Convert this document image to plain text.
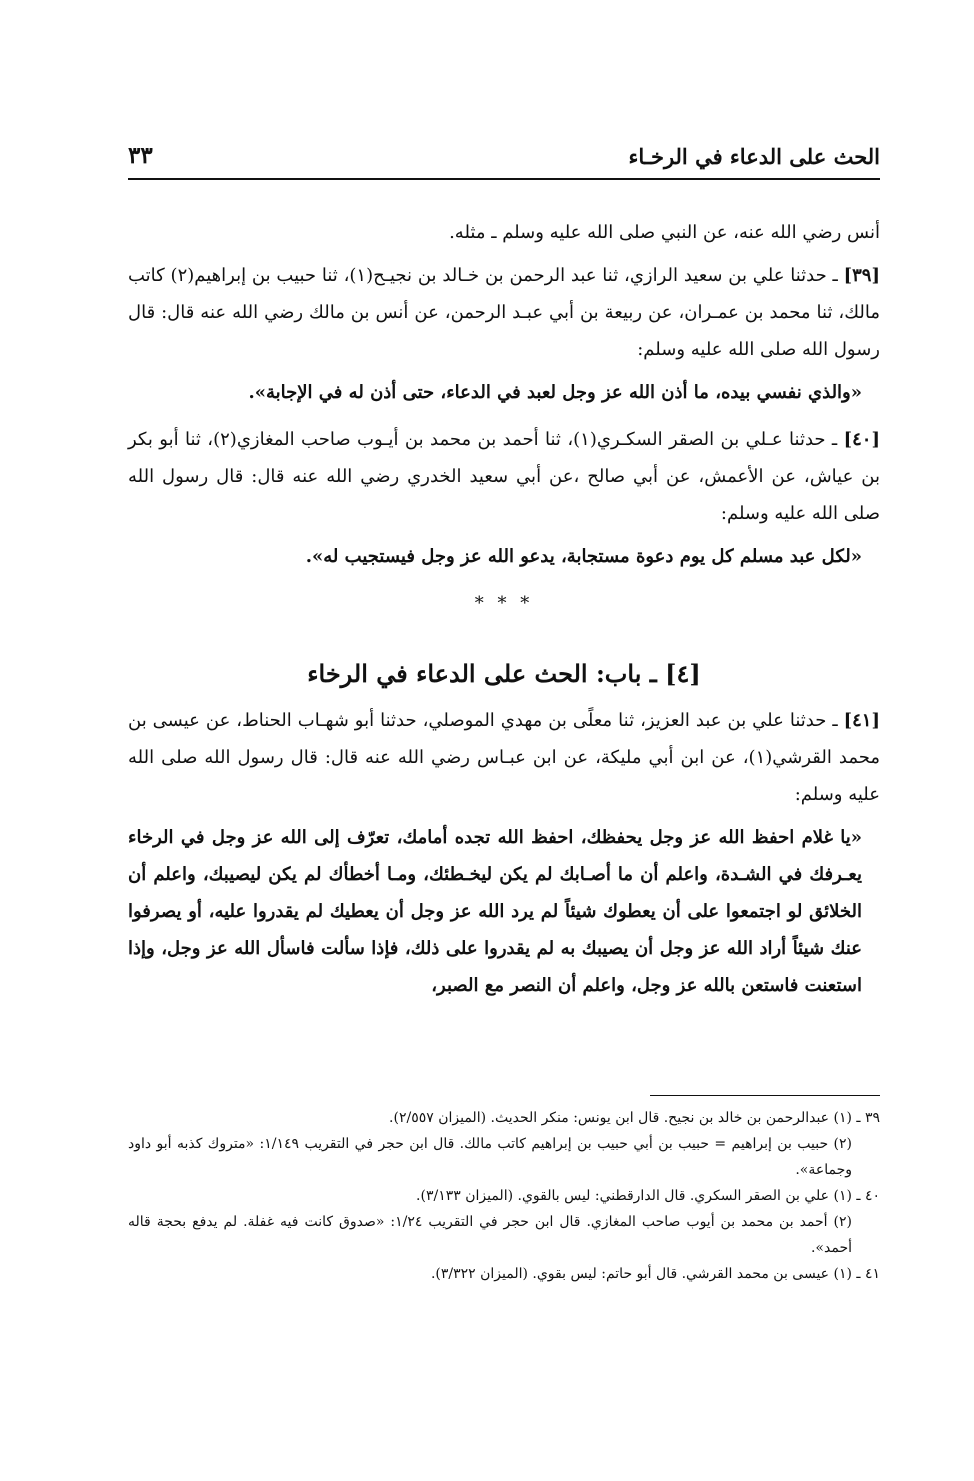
الحث على الدعاء في الرخـاء
٣٣

أنس رضي الله عنه، عن النبي صلى الله عليه وسلم ـ مثله.

[٣٩] ـ حدثنا علي بن سعيد الرازي، ثنا عبد الرحمن بن خـالد بن نجيـح(١)، ثنا حبيب بن إبراهيم(٢) كاتب مالك، ثنا محمد بن عمـران، عن ربيعة بن أبي عبـد الرحمن، عن أنس بن مالك رضي الله عنه قال: قال رسول الله صلى الله عليه وسلم:

«والذي نفسي بيده، ما أذن الله عز وجل لعبد في الدعاء، حتى أذن له في الإجابة».

[٤٠] ـ حدثنا عـلي بن الصقر السكـري(١)، ثنا أحمد بن محمد بن أيـوب صاحب المغازي(٢)، ثنا أبو بكر بن عياش، عن الأعمش، عن أبي صالح ،عن أبي سعيد الخدري رضي الله عنه قال: قال رسول الله صلى الله عليه وسلم:

«لكل عبد مسلم كل يوم دعوة مستجابة، يدعو الله عز وجل فيستجيب له».

* * *
[٤] ـ باب: الحث على الدعاء في الرخاء

[٤١] ـ حدثنا علي بن عبد العزيز، ثنا معلًى بن مهدي الموصلي، حدثنا أبو شهـاب الحناط، عن عيسى بن محمد القرشي(١)، عن ابن أبي مليكة، عن ابن عبـاس رضي الله عنه قال: قال رسول الله صلى الله عليه وسلم:

«يا غلام احفظ الله عز وجل يحفظك، احفظ الله تجده أمامك، تعرّف إلى الله عز وجل في الرخاء يعـرفك في الشـدة، واعلم أن ما أصـابك لم يكن ليخـطئك، ومـا أخطأك لم يكن ليصيبك، واعلم أن الخلائق لو اجتمعوا على أن يعطوك شيئاً لم يرد الله عز وجل أن يعطيك لم يقدروا عليه، أو يصرفوا عنك شيئاً أراد الله عز وجل أن يصيبك به لم يقدروا على ذلك، فإذا سألت فاسأل الله عز وجل، وإذا استعنت فاستعن بالله عز وجل، واعلم أن النصر مع الصبر،

٣٩ ـ (١) عبدالرحمن بن خالد بن نجيح. قال ابن يونس: منكر الحديث. (الميزان ٢/٥٥٧).

(٢) حبيب بن إبراهيم = حبيب بن أبي حبيب بن إبراهيم كاتب مالك. قال ابن حجر في التقريب ١/١٤٩: «متروك كذبه أبو داود وجماعة».

٤٠ ـ (١) علي بن الصقر السكري. قال الدارقطني: ليس بالقوي. (الميزان ٣/١٣٣).

(٢) أحمد بن محمد بن أيوب صاحب المغازي. قال ابن حجر في التقريب ١/٢٤: «صدوق كانت فيه غفلة. لم يدفع بحجة قاله أحمد».

٤١ ـ (١) عيسى بن محمد القرشي. قال أبو حاتم: ليس بقوي. (الميزان ٣/٣٢٢).
